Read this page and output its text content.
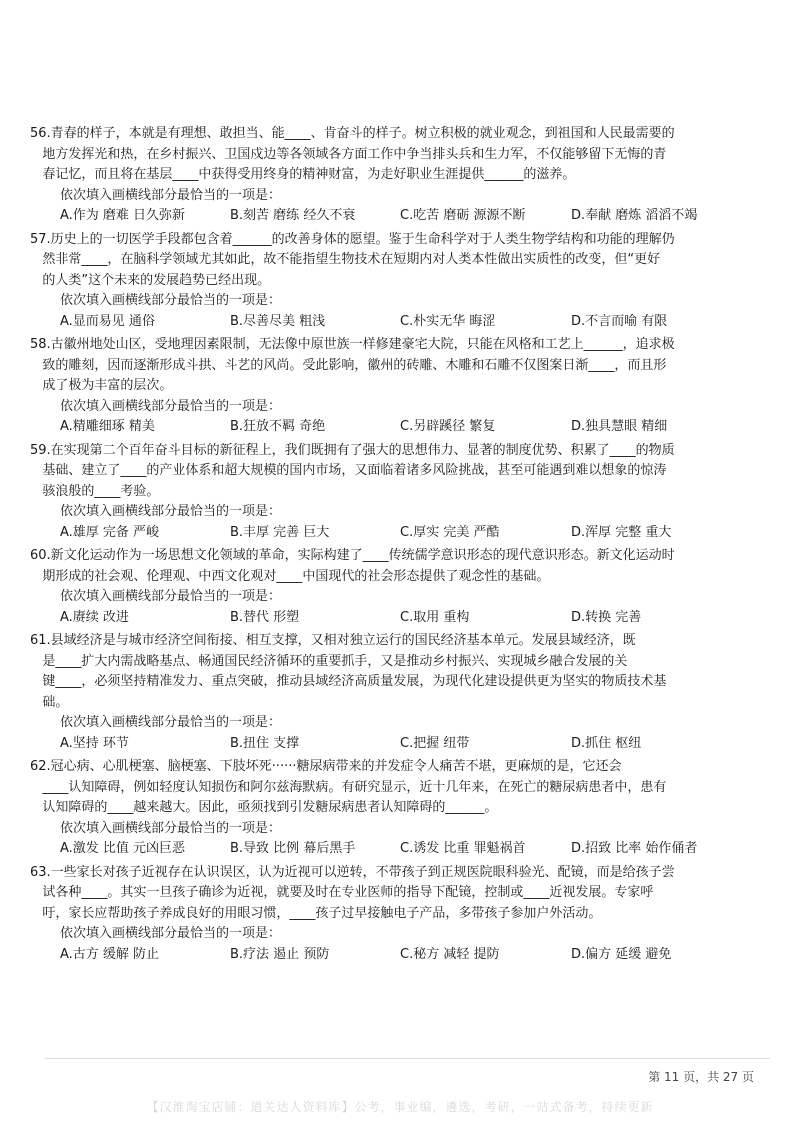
56.青春的样子，本就是有理想、敢担当、能____、肯奋斗的样子。树立积极的就业观念，到祖国和人民最需要的
地方发挥光和热，在乡村振兴、卫国戍边等各领域各方面工作中争当排头兵和生力军，不仅能够留下无悔的青
春记忆，而且将在基层____中获得受用终身的精神财富，为走好职业生涯提供______的滋养。
依次填入画横线部分最恰当的一项是：
A.作为 磨难 日久弥新	B.刻苦 磨练 经久不衰	C.吃苦 磨砺 源源不断	D.奉献 磨炼 滔滔不竭
57.历史上的一切医学手段都包含着______的改善身体的愿望。鉴于生命科学对于人类生物学结构和功能的理解仍
然非常____，在脑科学领域尤其如此，故不能指望生物技术在短期内对人类本性做出实质性的改变，但“更好
的人类”这个未来的发展趋势已经出现。
依次填入画横线部分最恰当的一项是：
A.显而易见 通俗	B.尽善尽美 粗浅	C.朴实无华 晦涩	D.不言而喻 有限
58.古徽州地处山区，受地理因素限制，无法像中原世族一样修建豪宅大院，只能在风格和工艺上______，追求极
致的雕刻，因而逐渐形成斗拱、斗艺的风尚。受此影响，徽州的砖雕、木雕和石雕不仅图案日渐____，而且形
成了极为丰富的层次。
依次填入画横线部分最恰当的一项是：
A.精雕细琢 精美	B.狂放不羁 奇绝	C.另辟蹊径 繁复	D.独具慧眼 精细
59.在实现第二个百年奋斗目标的新征程上，我们既拥有了强大的思想伟力、显著的制度优势、积累了____的物质
基础、建立了____的产业体系和超大规模的国内市场，又面临着诸多风险挑战，甚至可能遇到难以想象的惊涛
骇浪般的____考验。
依次填入画横线部分最恰当的一项是：
A.雄厚 完备 严峻	B.丰厚 完善 巨大	C.厚实 完美 严酷	D.浑厚 完整 重大
60.新文化运动作为一场思想文化领域的革命，实际构建了____传统儒学意识形态的现代意识形态。新文化运动时
期形成的社会观、伦理观、中西文化观对____中国现代的社会形态提供了观念性的基础。
依次填入画横线部分最恰当的一项是：
A.赓续 改进	B.替代 形塑	C.取用 重构	D.转换 完善
61.县域经济是与城市经济空间衔接、相互支撑，又相对独立运行的国民经济基本单元。发展县域经济，既
是____扩大内需战略基点、畅通国民经济循环的重要抓手，又是推动乡村振兴、实现城乡融合发展的关
键____，必须坚持精准发力、重点突破，推动县域经济高质量发展，为现代化建设提供更为坚实的物质技术基
础。
依次填入画横线部分最恰当的一项是：
A.坚持 环节	B.扭住 支撑	C.把握 纽带	D.抓住 枢纽
62.冠心病、心肌梗塞、脑梗塞、下肢坏死······糖尿病带来的并发症令人痛苦不堪，更麻烦的是，它还会
____认知障碍，例如轻度认知损伤和阿尔兹海默病。有研究显示，近十几年来，在死亡的糖尿病患者中，患有
认知障碍的____越来越大。因此，亟须找到引发糖尿病患者认知障碍的______。
依次填入画横线部分最恰当的一项是：
A.激发 比值 元凶巨恶	B.导致 比例 幕后黑手	C.诱发 比重 罪魁祸首	D.招致 比率 始作俑者
63.一些家长对孩子近视存在认识误区，认为近视可以逆转，不带孩子到正规医院眼科验光、配镜，而是给孩子尝
试各种____。其实一旦孩子确诊为近视，就要及时在专业医师的指导下配镜，控制或____近视发展。专家呼
吁，家长应帮助孩子养成良好的用眼习惯，____孩子过早接触电子产品，多带孩子参加户外活动。
依次填入画横线部分最恰当的一项是：
A.古方 缓解 防止	B.疗法 遏止 预防	C.秘方 减轻 提防	D.偏方 延缓 避免
第 11 页，共 27 页
【汉淮淘宝店铺：道关达人资料库】公考，事业编，遴选，考研，一站式备考，持续更新
